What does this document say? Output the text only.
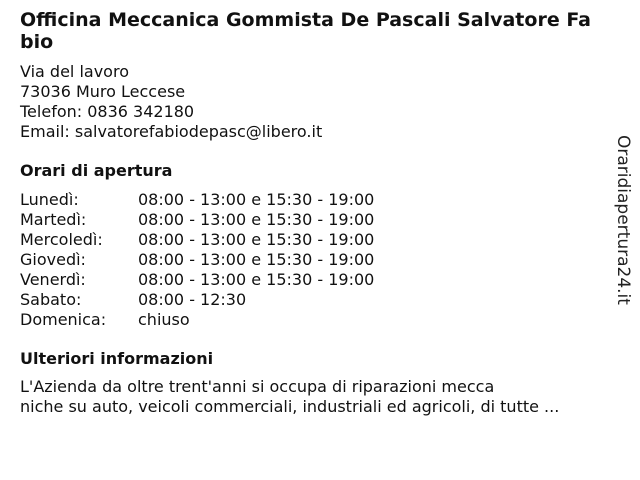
Officina Meccanica Gommista De Pascali Salvatore Fabio
Via del lavoro
73036 Muro Leccese
Telefon: 0836 342180
Email: salvatorefabiodepasc@libero.it
Orari di apertura
Lunedì:	08:00 - 13:00 e 15:30 - 19:00
Martedì:	08:00 - 13:00 e 15:30 - 19:00
Mercoledì:	08:00 - 13:00 e 15:30 - 19:00
Giovedì:	08:00 - 13:00 e 15:30 - 19:00
Venerdì:	08:00 - 13:00 e 15:30 - 19:00
Sabato:	08:00 - 12:30
Domenica:	chiuso
Ulteriori informazioni
L'Azienda da oltre trent'anni si occupa di riparazioni mecca
niche su auto, veicoli commerciali, industriali ed agricoli, di tutte ...
Oraridiapertura24.it
